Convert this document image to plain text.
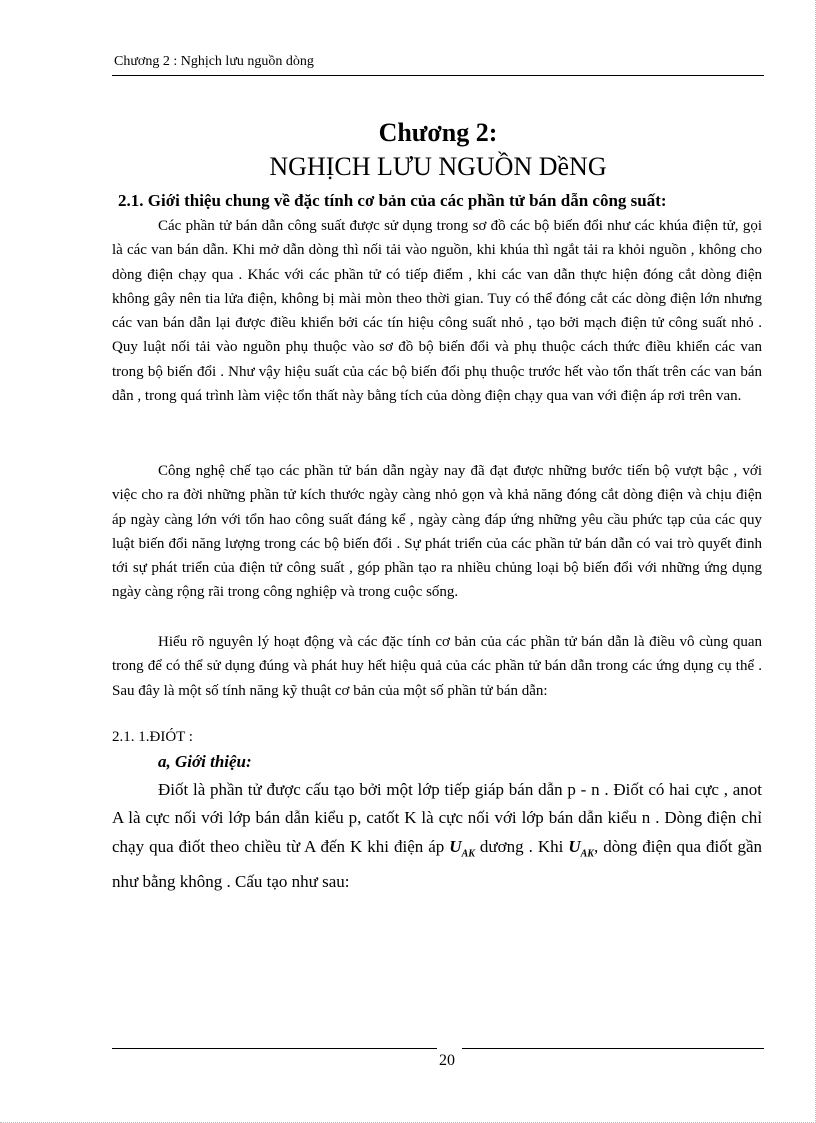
Chương 2 : Nghịch lưu nguồn dòng
Chương 2:
NGHỊCH LƯU NGUỒN DềNG
2.1. Giới thiệu chung về đặc tính cơ bản của các phần tử bán dẫn công suất:

Các phần tử bán dẫn công suất được sử dụng trong sơ đồ các bộ biến đổi như các khúa điện tử, gọi là các van bán dẫn. Khi mở dẫn dòng thì nối tải vào nguồn, khi khúa thì ngắt tải ra khỏi nguồn , không cho dòng điện chạy qua . Khác với các phần tử có tiếp điểm , khi các van dẫn thực hiện đóng cắt dòng điện không gây nên tia lửa điện, không bị mài mòn theo thời gian. Tuy có thể đóng cắt các dòng điện lớn nhưng các van bán dẫn lại được điều khiển bởi các tín hiệu công suất nhỏ , tạo bởi mạch điện tử công suất nhỏ . Quy luật nối tải vào nguồn phụ thuộc vào sơ đồ bộ biến đổi và phụ thuộc cách thức điều khiển các van trong bộ biến đổi . Như vậy hiệu suất của các bộ biến đổi phụ thuộc trước hết vào tổn thất trên các van bán dẫn , trong quá trình làm việc tổn thất này bằng tích của dòng điện chạy qua van với điện áp rơi trên van.

Công nghệ chế tạo các phần tử bán dẫn ngày nay đã đạt được những bước tiến bộ vượt bậc , với việc cho ra đời những phần tử kích thước ngày càng nhỏ gọn và khả năng đóng cắt dòng điện và chịu điện áp ngày càng lớn với tổn hao công suất đáng kể , ngày càng đáp ứng những yêu cầu phức tạp của các quy luật biến đổi năng lượng trong các bộ biến đổi . Sự phát triển của các phần tử bán dẫn có vai trò quyết đinh tới sự phát triển của điện tử công suất , góp phần tạo ra nhiều chủng loại bộ biến đổi với những ứng dụng ngày càng rộng rãi trong công nghiệp và trong cuộc sống.

Hiểu rõ nguyên lý hoạt động và các đặc tính cơ bản của các phần tử bán dẫn là điều vô cùng quan trong để có thể sử dụng đúng và phát huy hết hiệu quả của các phần tử bán dẫn trong các ứng dụng cụ thể . Sau đây là một số tính năng kỹ thuật cơ bản của một số phần tử bán dẫn:

2.1. 1.ĐIÓT :
a, Giới thiệu:

Điốt là phần tử được cấu tạo bởi một lớp tiếp giáp bán dẫn p - n . Điốt có hai cực , anot A là cực nối với lớp bán dẫn kiểu p, catốt K là cực nối với lớp bán dẫn kiểu n . Dòng điện chỉ chạy qua điốt theo chiều từ A đến K khi điện áp $U_{AK}$ dương . Khi $U_{AK}$, dòng điện qua điốt gần như bằng không . Cấu tạo như sau:

20
